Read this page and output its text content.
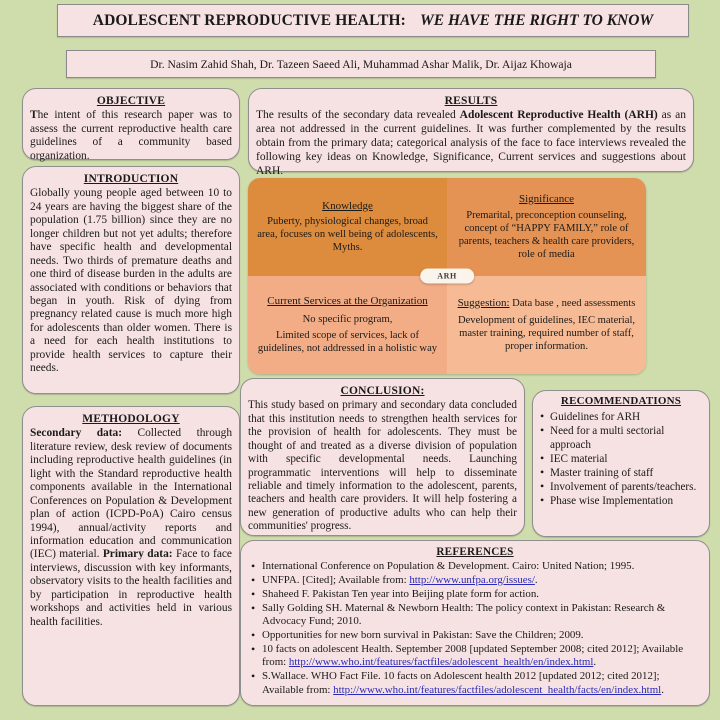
ADOLESCENT REPRODUCTIVE HEALTH: WE HAVE THE RIGHT TO KNOW
Dr. Nasim Zahid Shah, Dr. Tazeen Saeed Ali, Muhammad Ashar Malik, Dr. Aijaz Khowaja
OBJECTIVE
The intent of this research paper was to assess the current reproductive health care guidelines of a community based organization.
INTRODUCTION
Globally young people aged between 10 to 24 years are having the biggest share of the population (1.75 billion) since they are no longer children but not yet adults; therefore have specific health and developmental needs. Two thirds of premature deaths and one third of disease burden in the adults are associated with conditions or behaviors that began in youth. Risk of dying from pregnancy related cause is much more high for adolescents than older women. There is a need for each health institutions to provide health services to capture their needs.
METHODOLOGY
Secondary data: Collected through literature review, desk review of documents including reproductive health guidelines (in light with the Standard reproductive health components available in the International Conferences on Population & Development plan of action (ICPD-PoA) Cairo census 1994), annual/activity reports and information education and communication (IEC) material. Primary data: Face to face interviews, discussion with key informants, observatory visits to the health facilities and by participation in reproductive health workshops and activities held in various health facilities.
RESULTS
The results of the secondary data revealed Adolescent Reproductive Health (ARH) as an area not addressed in the current guidelines. It was further complemented by the results obtain from the primary data; categorical analysis of the face to face interviews revealed the following key ideas on Knowledge, Significance, Current services and suggestions about ARH.
Knowledge
Puberty, physiological changes, broad area, focuses on well being of adolescents, Myths.
Significance
Premarital, preconception counseling, concept of “HAPPY FAMILY,” role of parents, teachers & health care providers, role of media
Current Services at the Organization
No specific program,
Limited scope of services, lack of guidelines, not addressed in a holistic way
Suggestion: Data base , need assessments
Development of guidelines, IEC material, master training, required number of staff, proper information.
ARH
CONCLUSION:
This study based on primary and secondary data concluded that this institution needs to strengthen health services for the provision of health for adolescents. They must be thought of and treated as a diverse division of population with specific developmental needs. Launching programmatic interventions will help to disseminate reliable and timely information to the adolescent, parents, teachers and health care providers. It will help fostering a new generation of productive adults who can help their communities' progress.
RECOMMENDATIONS
• Guidelines for ARH
• Need for a multi sectorial approach
• IEC material
• Master training of staff
• Involvement of parents/teachers.
• Phase wise Implementation
REFERENCES
• International Conference on Population & Development. Cairo: United Nation; 1995.
• UNFPA. [Cited]; Available from: http://www.unfpa.org/issues/.
• Shaheed F. Pakistan Ten year into Beijing plate form for action.
• Sally Golding SH. Maternal & Newborn Health: The policy context in Pakistan: Research & Advocacy Fund; 2010.
• Opportunities for new born survival in Pakistan: Save the Children; 2009.
• 10 facts on adolescent Health. September 2008 [updated September 2008; cited 2012]; Available from: http://www.who.int/features/factfiles/adolescent_health/en/index.html.
• S.Wallace. WHO Fact File. 10 facts on Adolescent health 2012 [updated 2012; cited 2012]; Available from: http://www.who.int/features/factfiles/adolescent_health/facts/en/index.html.
